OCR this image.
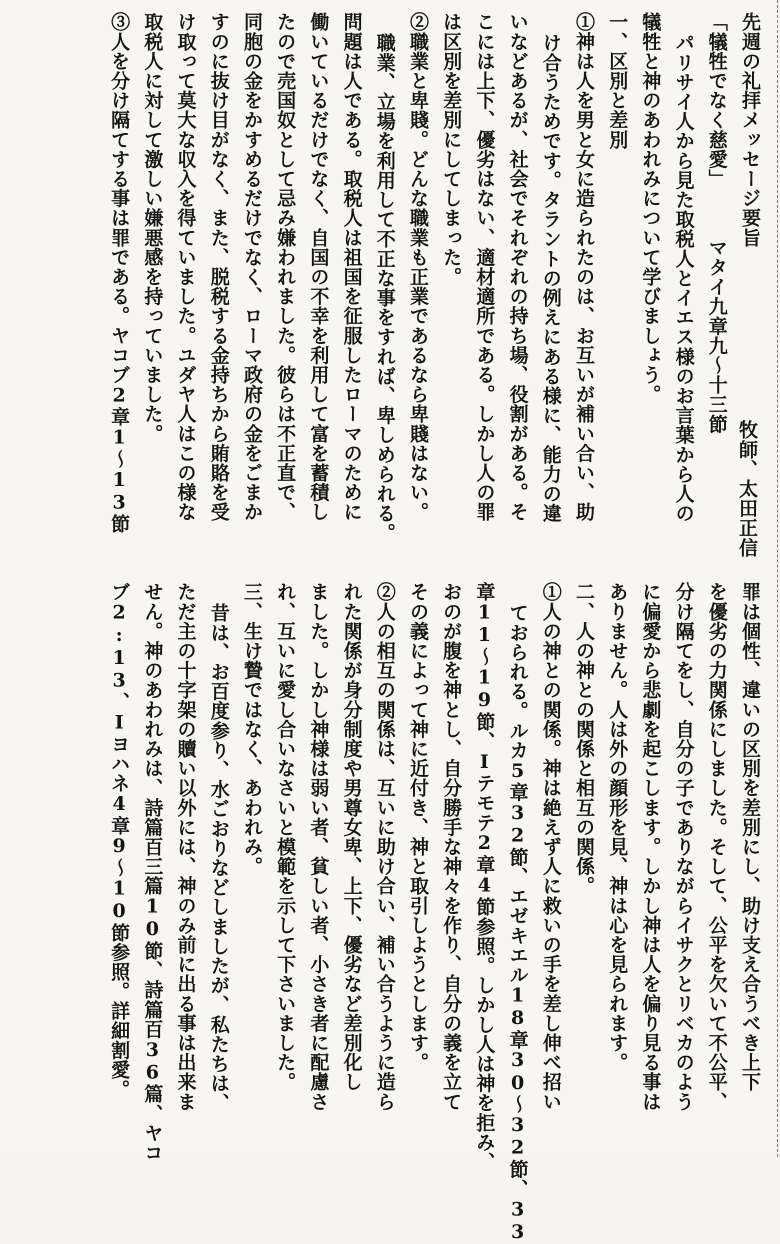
先週の礼拝メッセージ要旨
「犠牲でなく慈愛」　　　マタイ九章九～十三節
パリサイ人から見た取税人とイエス様のお言葉から人の
犠牲と神のあわれみについて学びましょう。
一、区別と差別
①神は人を男と女に造られたのは、お互いが補い合い、助
け合うためです。タラントの例えにある様に、能力の違
いなどあるが、社会でそれぞれの持ち場、役割がある。そ
こには上下、優劣はない、適材適所である。しかし人の罪
は区別を差別にしてしまった。
②職業と卑賤。どんな職業も正業であるなら卑賤はない。
職業、立場を利用して不正な事をすれば、卑しめられる。
問題は人である。取税人は祖国を征服したローマのために
働いているだけでなく、自国の不幸を利用して富を蓄積し
たので売国奴として忌み嫌われました。彼らは不正直で、
同胞の金をかすめるだけでなく、ローマ政府の金をごまか
すのに抜け目がなく、また、脱税する金持ちから賄賂を受
け取って莫大な収入を得ていました。ユダヤ人はこの様な
取税人に対して激しい嫌悪感を持っていました。
③人を分け隔てする事は罪である。ヤコブ2章1～13節	牧師、太田正信
罪は個性、違いの区別を差別にし、助け支え合うべき上下
を優劣の力関係にしました。そして、公平を欠いて不公平、
分け隔てをし、自分の子でありながらイサクとリベカのよう
に偏愛から悲劇を起こします。しかし神は人を偏り見る事は
ありません。人は外の顔形を見、神は心を見られます。
二、人の神との関係と相互の関係。
①人の神との関係。神は絶えず人に救いの手を差し伸べ招い
ておられる。ルカ5章32節、エゼキエル18章30～32節、33
章11～19節、Iテモテ2章4節参照。しかし人は神を拒み、
おのが腹を神とし、自分勝手な神々を作り、自分の義を立て
その義によって神に近付き、神と取引しようとします。
②人の相互の関係は、互いに助け合い、補い合うように造ら
れた関係が身分制度や男尊女卑、上下、優劣など差別化し
ました。しかし神様は弱い者、貧しい者、小さき者に配慮さ
れ、互いに愛し合いなさいと模範を示して下さいました。
三、生け贄ではなく、あわれみ。
昔は、お百度参り、水ごおりなどしましたが、私たちは、
ただ主の十字架の贖い以外には、神のみ前に出る事は出来ま
せん。神のあわれみは、詩篇百三篇10節、詩篇百36篇、ヤコ
ブ2:13、Iヨハネ4章9～10節参照。詳細割愛。
